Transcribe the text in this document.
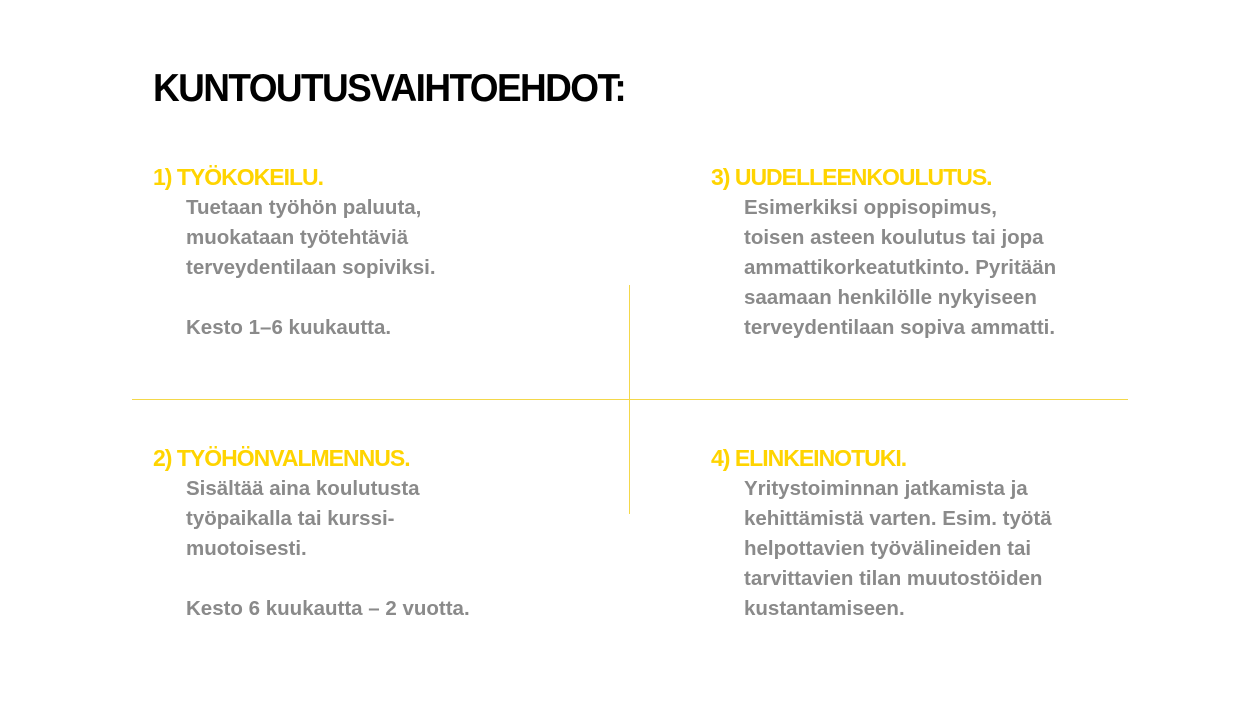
KUNTOUTUSVAIHTOEHDOT:
1) TYÖKOKEILU.
Tuetaan työhön paluuta,
muokataan työtehtäviä
terveydentilaan sopiviksi.
Kesto 1–6 kuukautta.
3) UUDELLEENKOULUTUS.
Esimerkiksi oppisopimus,
toisen asteen koulutus tai jopa
ammattikorkeatutkinto. Pyritään
saamaan henkilölle nykyiseen
terveydentilaan sopiva ammatti.
2) TYÖHÖNVALMENNUS.
Sisältää aina koulutusta
työpaikalla tai kurssi-
muotoisesti.
Kesto 6 kuukautta – 2 vuotta.
4) ELINKEINOTUKI.
Yritystoiminnan jatkamista ja
kehittämistä varten. Esim. työtä
helpottavien työvälineiden tai
tarvittavien tilan muutostöiden
kustantamiseen.
